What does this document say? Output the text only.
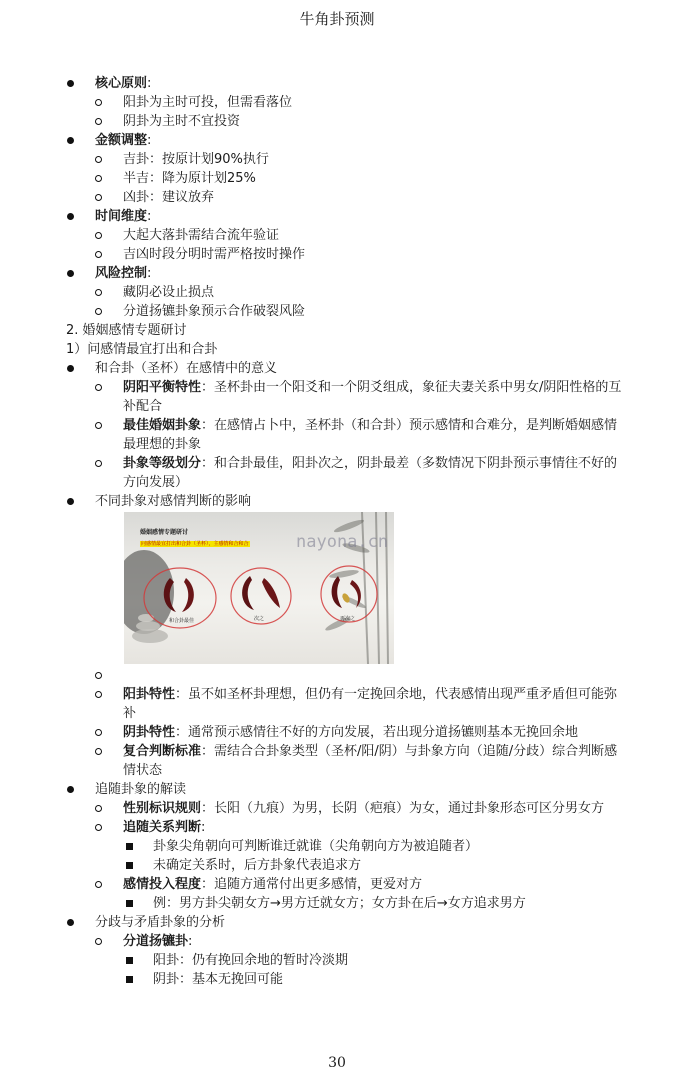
牛角卦预测
核心原则:
阳卦为主时可投，但需看落位
阴卦为主时不宜投资
金额调整:
吉卦：按原计划90%执行
半吉：降为原计划25%
凶卦：建议放弃
时间维度:
大起大落卦需结合流年验证
吉凶时段分明时需严格按时操作
风险控制:
藏阴必设止损点
分道扬镳卦象预示合作破裂风险
2. 婚姻感情专题研讨
1）问感情最宜打出和合卦
和合卦（圣杯）在感情中的意义
阴阳平衡特性：圣杯卦由一个阳爻和一个阴爻组成，象征夫妻关系中男女/阴阳性格的互补配合
最佳婚姻卦象：在感情占卜中，圣杯卦（和合卦）预示感情和合难分，是判断婚姻感情最理想的卦象
卦象等级划分：和合卦最佳，阳卦次之，阴卦最差（多数情况下阴卦预示事情往不好的方向发展）
不同卦象对感情判断的影响
婚姻感情专题研讨
问感情最宜打出和合卦（圣杯），主感情和合和合	nayona.cn
和合卦最佳	次之	再次之

阳卦特性：虽不如圣杯卦理想，但仍有一定挽回余地，代表感情出现严重矛盾但可能弥补
阴卦特性：通常预示感情往不好的方向发展，若出现分道扬镳则基本无挽回余地
复合判断标准：需结合合卦象类型（圣杯/阳/阴）与卦象方向（追随/分歧）综合判断感情状态
追随卦象的解读
性别标识规则：长阳（九痕）为男，长阴（疤痕）为女，通过卦象形态可区分男女方
追随关系判断:
卦象尖角朝向可判断谁迁就谁（尖角朝向方为被追随者）
未确定关系时，后方卦象代表追求方
感情投入程度：追随方通常付出更多感情，更爱对方
例：男方卦尖朝女方→男方迁就女方；女方卦在后→女方追求男方
分歧与矛盾卦象的分析
分道扬镳卦:
阳卦：仍有挽回余地的暂时冷淡期
阴卦：基本无挽回可能
30
